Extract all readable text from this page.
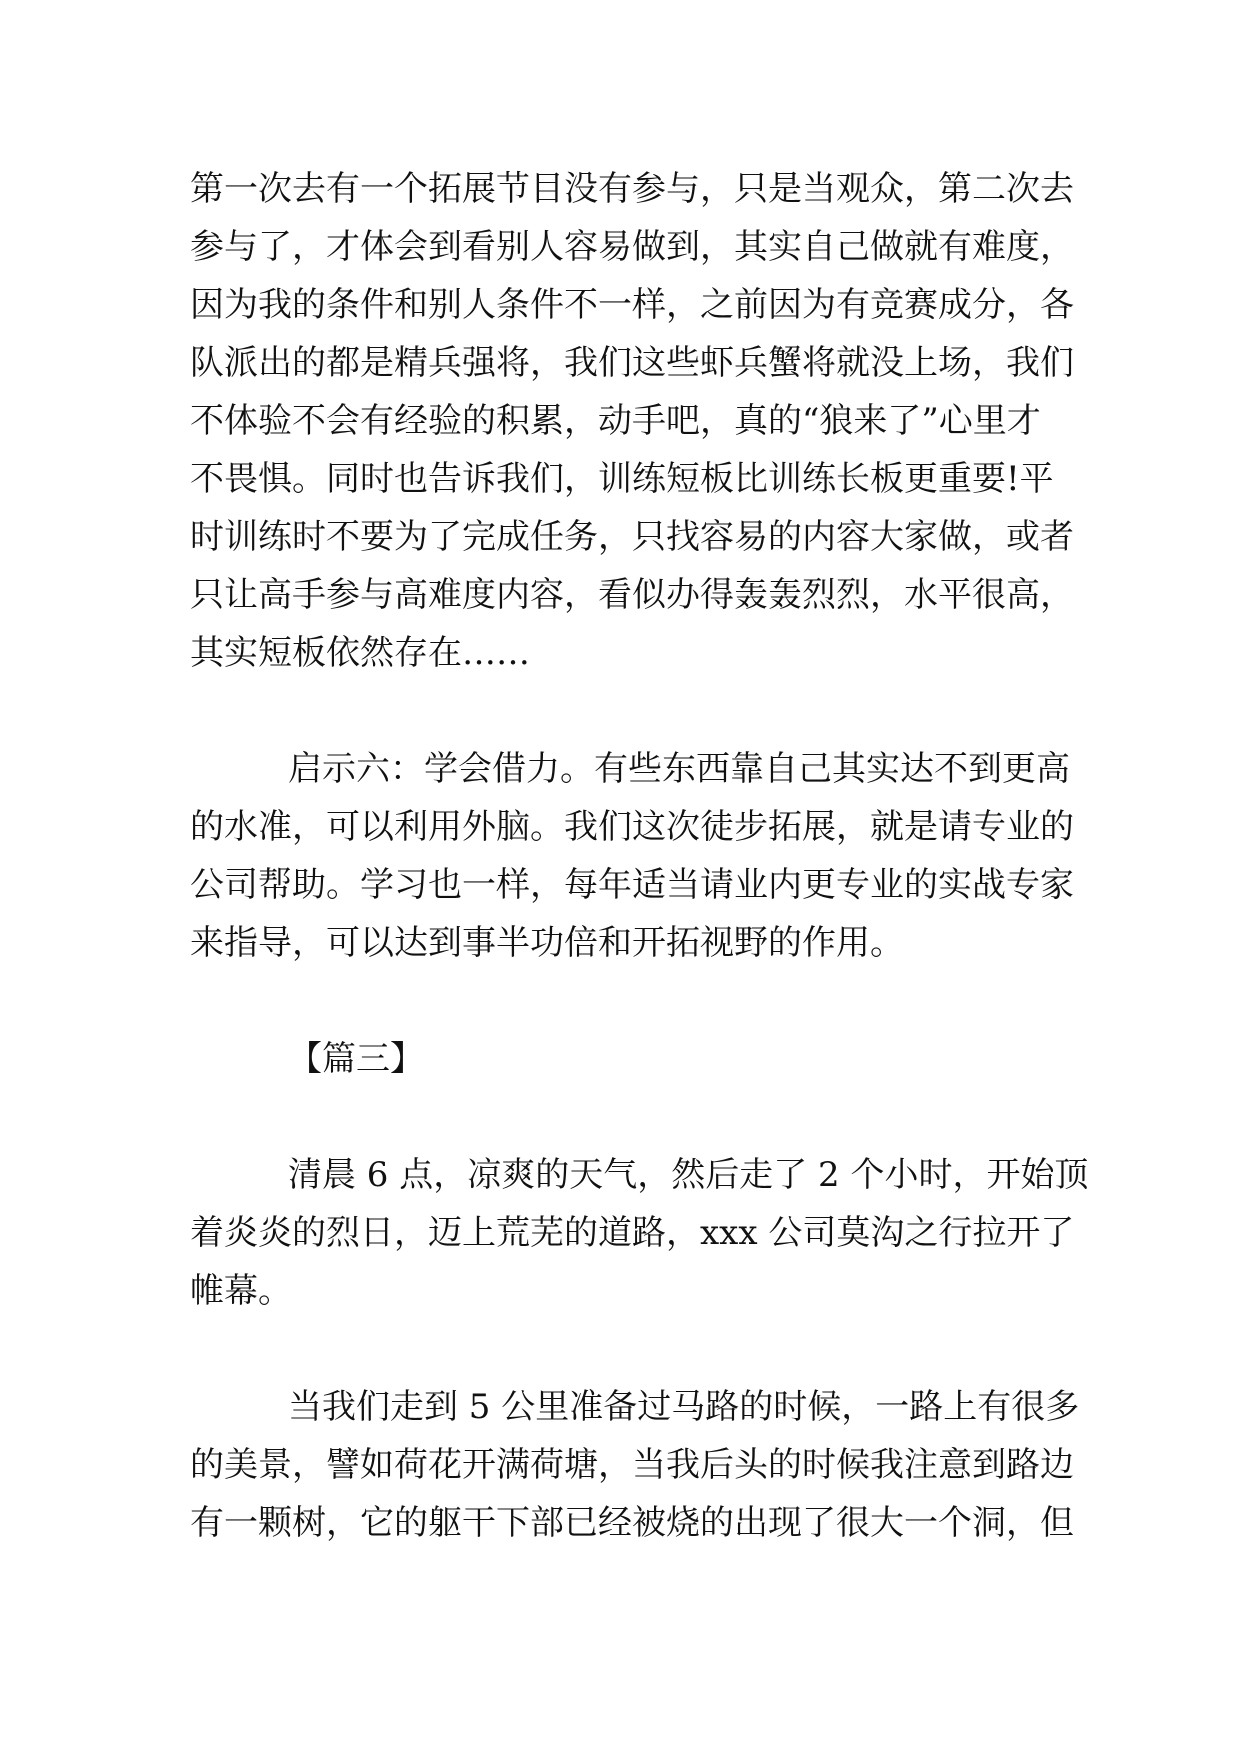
第一次去有一个拓展节目没有参与，只是当观众，第二次去
参与了，才体会到看别人容易做到，其实自己做就有难度，
因为我的条件和别人条件不一样，之前因为有竞赛成分，各
队派出的都是精兵强将，我们这些虾兵蟹将就没上场，我们
不体验不会有经验的积累，动手吧，真的“狼来了”心里才
不畏惧。同时也告诉我们，训练短板比训练长板更重要!平
时训练时不要为了完成任务，只找容易的内容大家做，或者
只让高手参与高难度内容，看似办得轰轰烈烈，水平很高，
其实短板依然存在……
启示六：学会借力。有些东西靠自己其实达不到更高
的水准，可以利用外脑。我们这次徒步拓展，就是请专业的
公司帮助。学习也一样，每年适当请业内更专业的实战专家
来指导，可以达到事半功倍和开拓视野的作用。
【篇三】
清晨 6 点，凉爽的天气，然后走了 2 个小时，开始顶
着炎炎的烈日，迈上荒芜的道路，xxx 公司莫沟之行拉开了
帷幕。
当我们走到 5 公里准备过马路的时候，一路上有很多
的美景，譬如荷花开满荷塘，当我后头的时候我注意到路边
有一颗树，它的躯干下部已经被烧的出现了很大一个洞，但
